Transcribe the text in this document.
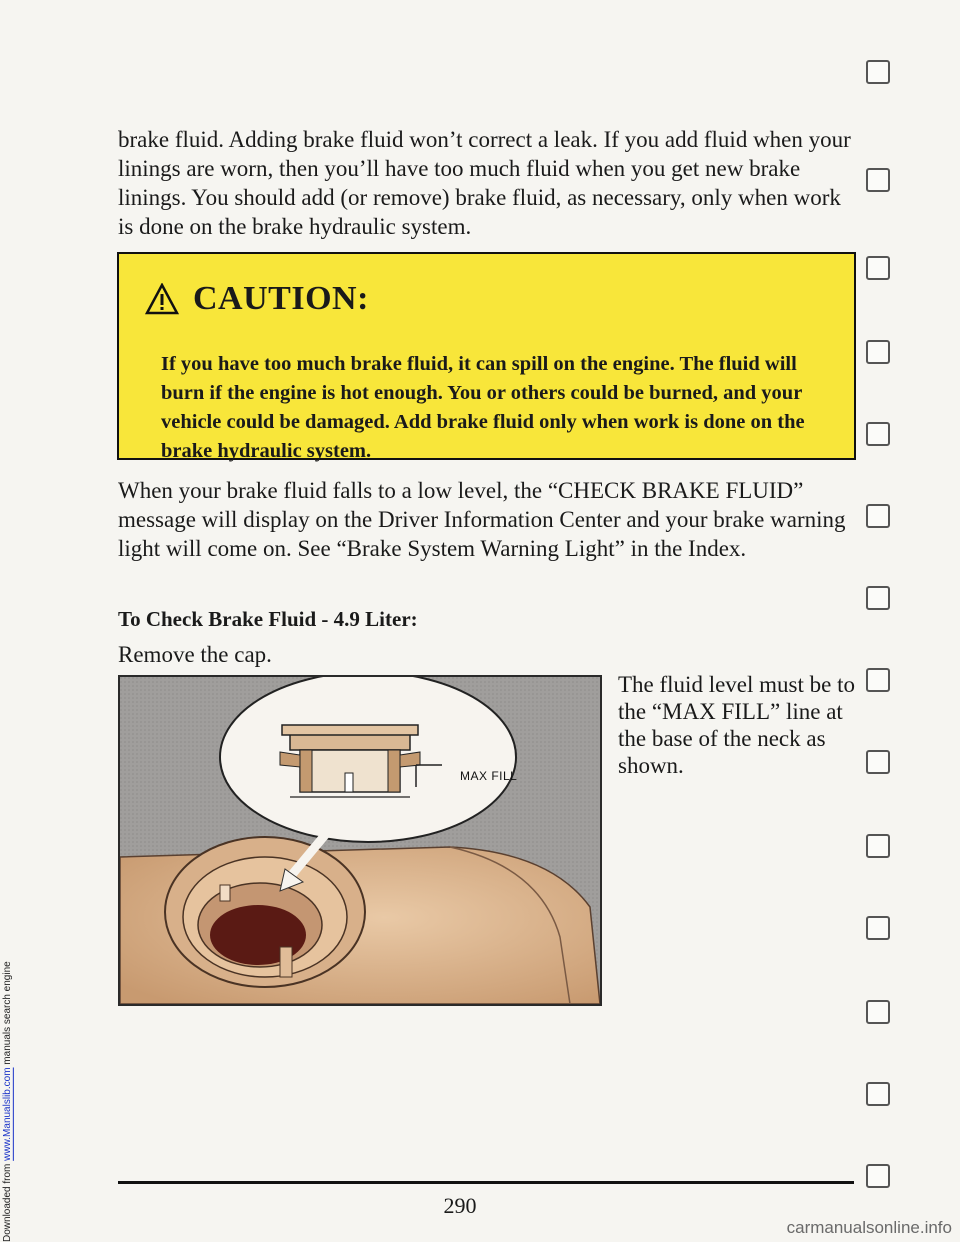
Downloaded from www.Manualslib.com manuals search engine

brake fluid. Adding brake fluid won’t correct a leak. If you add fluid when your linings are worn, then you’ll have too much fluid when you get new brake linings. You should add (or remove) brake fluid, as necessary, only when work is done on the brake hydraulic system.

CAUTION:

If you have too much brake fluid, it can spill on the engine. The fluid will burn if the engine is hot enough. You or others could be burned, and your vehicle could be damaged. Add brake fluid only when work is done on the brake hydraulic system.

When your brake fluid falls to a low level, the “CHECK BRAKE FLUID” message will display on the Driver Information Center and your brake warning light will come on. See “Brake System Warning Light” in the Index.

To Check Brake Fluid - 4.9 Liter:

Remove the cap.

MAX FILL

The fluid level must be to the “MAX FILL” line at the base of the neck as shown.

290
carmanualsonline.info
